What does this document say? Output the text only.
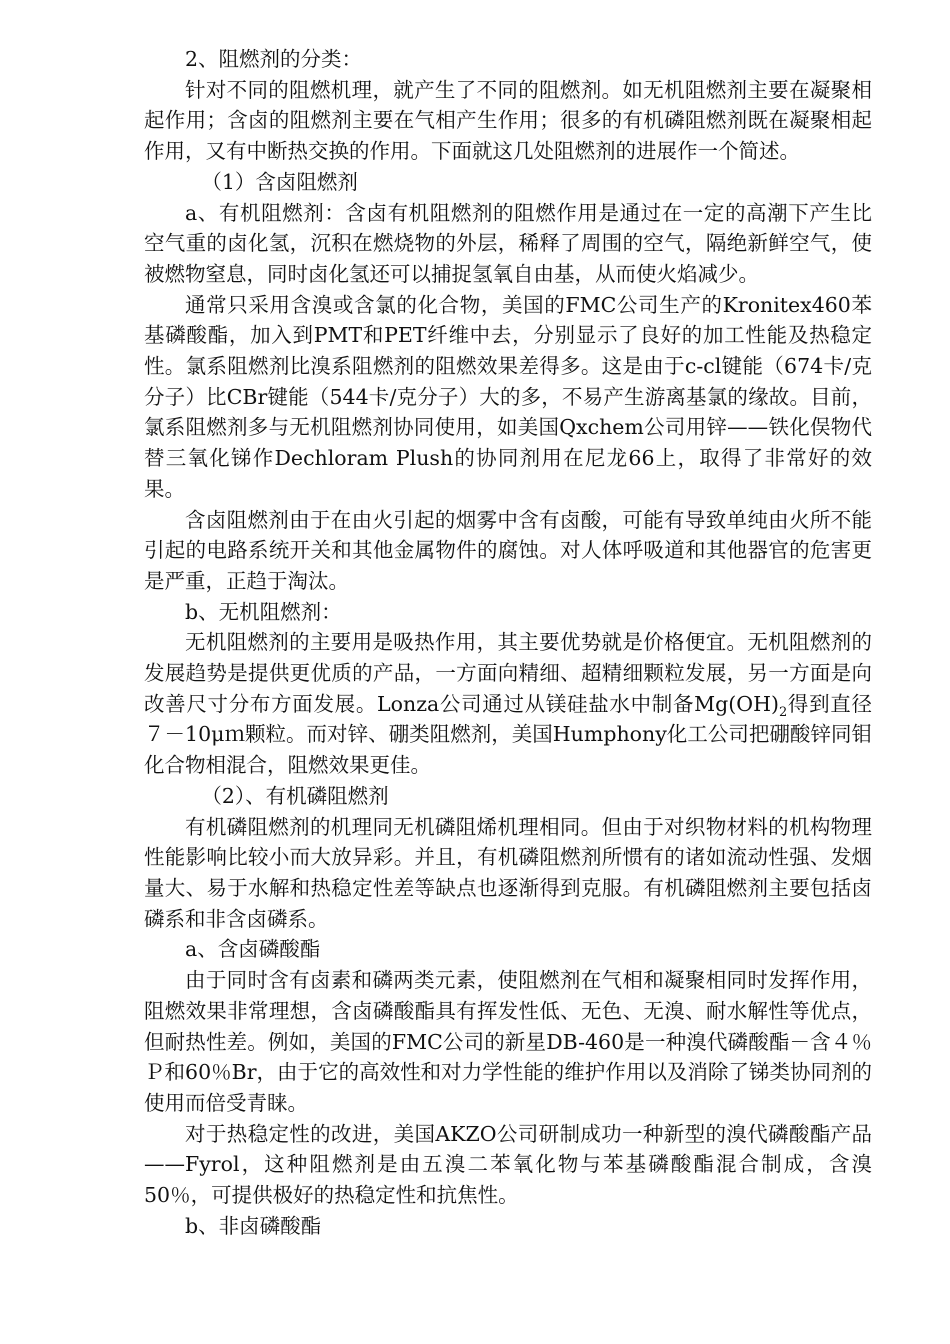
2、阻燃剂的分类：

针对不同的阻燃机理，就产生了不同的阻燃剂。如无机阻燃剂主要在凝聚相起作用；含卤的阻燃剂主要在气相产生作用；很多的有机磷阻燃剂既在凝聚相起作用，又有中断热交换的作用。下面就这几处阻燃剂的进展作一个简述。

（1）含卤阻燃剂

a、有机阻燃剂：含卤有机阻燃剂的阻燃作用是通过在一定的高潮下产生比空气重的卤化氢，沉积在燃烧物的外层，稀释了周围的空气，隔绝新鲜空气，使被燃物窒息，同时卤化氢还可以捕捉氢氧自由基，从而使火焰减少。

通常只采用含溴或含氯的化合物，美国的FMC公司生产的Kronitex460苯基磷酸酯，加入到PMT和PET纤维中去，分别显示了良好的加工性能及热稳定性。氯系阻燃剂比溴系阻燃剂的阻燃效果差得多。这是由于c-cl键能（674卡/克分子）比CBr键能（544卡/克分子）大的多，不易产生游离基氯的缘故。目前，氯系阻燃剂多与无机阻燃剂协同使用，如美国Qxchem公司用锌——铁化俣物代替三氧化锑作Dechloram Plush的协同剂用在尼龙66上，取得了非常好的效果。

含卤阻燃剂由于在由火引起的烟雾中含有卤酸，可能有导致单纯由火所不能引起的电路系统开关和其他金属物件的腐蚀。对人体呼吸道和其他器官的危害更是严重，正趋于淘汰。

b、无机阻燃剂：

无机阻燃剂的主要用是吸热作用，其主要优势就是价格便宜。无机阻燃剂的发展趋势是提供更优质的产品，一方面向精细、超精细颗粒发展，另一方面是向改善尺寸分布方面发展。Lonza公司通过从镁硅盐水中制备$Mg(OH)_2$得到直径７－10μｍ颗粒。而对锌、硼类阻燃剂，美国Humphony化工公司把硼酸锌同钼化合物相混合，阻燃效果更佳。

（2）、有机磷阻燃剂

有机磷阻燃剂的机理同无机磷阻烯机理相同。但由于对织物材料的机构物理性能影响比较小而大放异彩。并且，有机磷阻燃剂所惯有的诸如流动性强、发烟量大、易于水解和热稳定性差等缺点也逐渐得到克服。有机磷阻燃剂主要包括卤磷系和非含卤磷系。

a、含卤磷酸酯

由于同时含有卤素和磷两类元素，使阻燃剂在气相和凝聚相同时发挥作用，阻燃效果非常理想，含卤磷酸酯具有挥发性低、无色、无溴、耐水解性等优点，但耐热性差。例如，美国的FMC公司的新星DB-460是一种溴代磷酸酯－含４％Ｐ和60％Br，由于它的高效性和对力学性能的维护作用以及消除了锑类协同剂的使用而倍受青睐。

对于热稳定性的改进，美国AKZO公司研制成功一种新型的溴代磷酸酯产品——Fyrol，这种阻燃剂是由五溴二苯氧化物与苯基磷酸酯混合制成，含溴50％，可提供极好的热稳定性和抗焦性。

b、非卤磷酸酯
